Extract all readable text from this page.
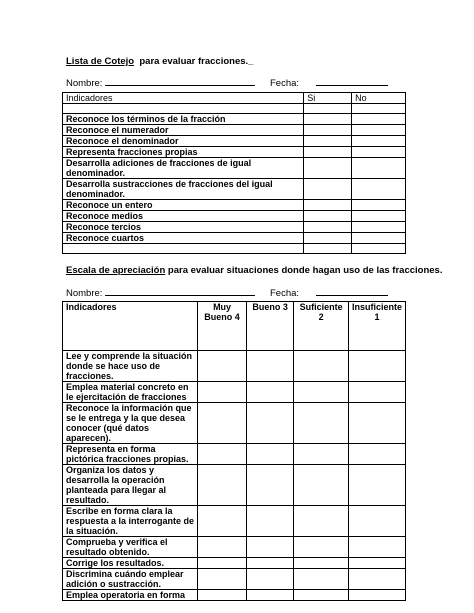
Lista de Cotejo  para evaluar fracciones._
Nombre:	Fecha:
Indicadores	Si	No

Reconoce los términos de la fracción		
Reconoce el numerador		
Reconoce el denominador		
Representa fracciones propias		
Desarrolla adiciones de fracciones de igual denominador.		
Desarrolla sustracciones de fracciones del igual denominador.		
Reconoce un entero		
Reconoce medios		
Reconoce tercios		
Reconoce cuartos		

Escala de apreciación para evaluar situaciones donde hagan uso de las fracciones.
Nombre:	Fecha:
Indicadores	Muy Bueno 4	Bueno 3	Suficiente 2	Insuficiente 1
Lee y comprende la situación donde se hace uso de fracciones.				
Emplea material concreto en le ejercitación de fracciones				
Reconoce la información que se le entrega y la que desea conocer (qué datos aparecen).				
Representa en forma pictórica fracciones propias.				
Organiza los datos y desarrolla la operación planteada para llegar al resultado.				
Escribe en forma clara la respuesta a la interrogante de la situación.				
Comprueba y verifica el resultado obtenido.				
Corrige los resultados.				
Discrimina cuándo emplear adición o sustracción.				
Emplea operatoria en forma				
